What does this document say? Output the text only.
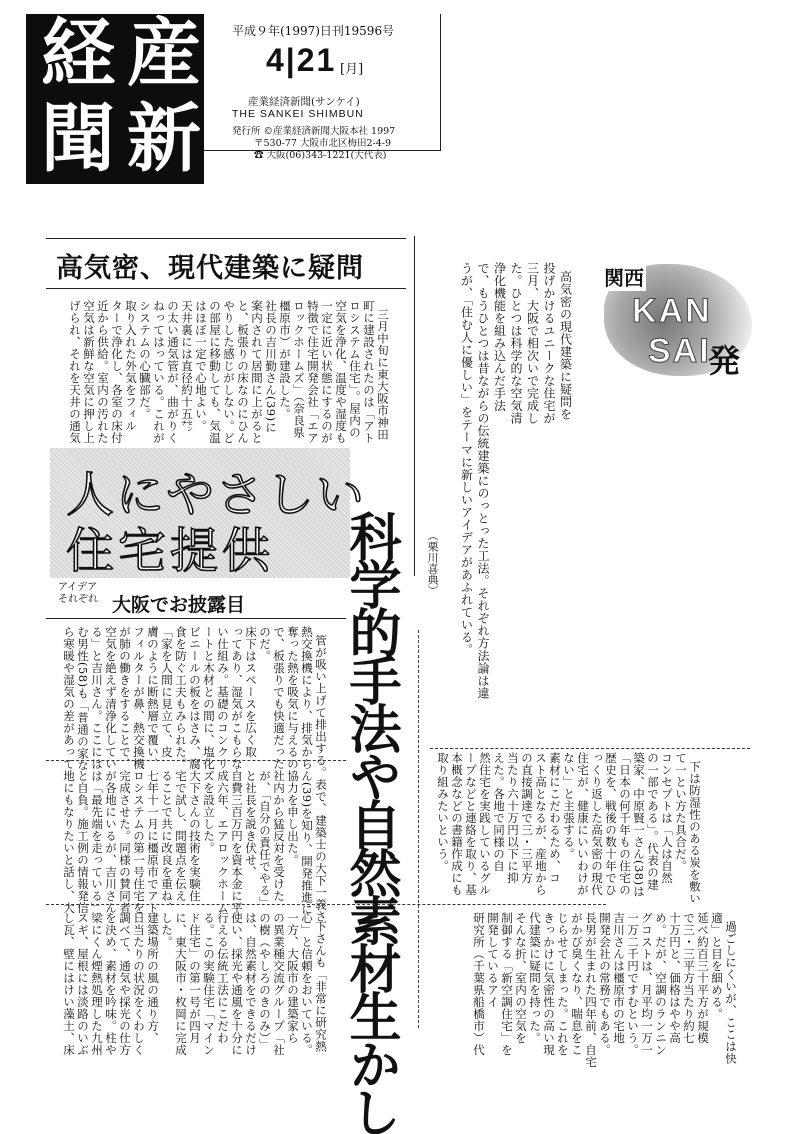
産経
新聞
平成９年(1997)日刊19596号
4|21 [月]
産業経済新聞(サンケイ)
THE SANKEI SHIMBUN
発行所 ©産業経済新聞大阪本社 1997
〒530-77 大阪市北区梅田2-4-9
☎ 大阪(06)343-1221(大代表)
高気密、現代建築に疑問

三月中旬に東大阪市神田
町に建設されたのは「アト
ロシステム住宅」。屋内の
空気を浄化、温度や湿度も
一定に近い状態にするのが
特徴で住宅開発会社「エア
ロックホームズ」（奈良県
橿原市）が建設した。
社長の吉川勤さん(39)に
案内されて居間に上がると
と、板張りの床なのにひん
やりした感じがしない。ど
の部屋に移動しても、気温
はほぼ一定で心地よい。
天井裏には直径約十五㌢
の太い通気管が、曲がりく
ねってはっている。これが
システムの心臓部だ。
取り入れた外気をフィル
ターで浄化し、各室の床付
近から供給。室内の汚れた
空気は新鮮な空気に押し上
げられ、それを天井の通気	高気密の現代建築に疑問を
投げかけるユニークな住宅が
三月、大阪で相次いで完成し
た。ひとつは科学的な空気清
浄化機能を組み込んだ手法
で、もうひとつは昔ながらの伝統建築にのっとった工法。それぞれ方法論は違
うが、「住む人に優しい」をテーマに新しいアイデアがあふれている。

（栗川喜典）
関西
KAN
SAI
発
人にやさしい
住宅提供
アイデア それぞれ 大阪でお披露目 科学的手法や自然素材生かし

管が吸い上げて排出する。
熱交換機により、排気から
奪った熱を吸気に与えるの
で、板張りでも快適だった
のだ。
床下はスペースを広く取
ってあり、湿気がこもらな
い仕組み。基礎のコンクリ
ートと木材との間に、塩化
ビニールの板をはさみ、腐
食を防ぐ工夫もみられた。
「家を人間に見立て、皮
膚のように断熱層で覆い、
フィルターが鼻、熱交換機
が肺の働きをすることで、
空気を絶えず清浄化してい
る」と吉川さん。ここには
む男性(58)も「普通の家な
ら寒暖や湿気の差があって

表で、建築士の大下一義さ
ん(39)を知り、開発推進に
協力を申し出た。
社内から猛反対を受けた
が、「自分の責任でやる」
と社長を説き伏せ、
自費三百万円を資本金に平
成六年、エアロックホーム
ズを設立した。
大下さんの技術を実験住
宅で試し、問題点を伝え
ることで共に改良を重ね、
七年十一月に橿原市でアト
ロシステムの第一号住宅を
完成させた。同様の賛同者
が各地にいるが、吉川さん
は「最先端を走っている」
と自負。施工例の情報発信
地にもなりたいと話し、大	下は防湿性のある炭を敷い
て一とい方た具合だ。
コンセプトは「人は自然
の一部である」。代表の建
築家、中原賢一さん(38)は
「日本の何千年もの住宅の
歴史を、戦後の数十年でひ
っくり返した高気密の現代
住宅が、健康にいいわけが
ない」と主張する。
素材にこだわるため、コ
スト高となるが、産地から
の直接調達で三・三平方
当たり六十万円以下に抑
えた。各地で同様の自
然住宅を実践しているグル
ープなどと連絡を取り、基
本概念などの書籍作成にも
取り組みたいという。

過ごしにくいが、ここは快
適」と目を細める。
延べ約百三十平方が規模
で三・三平方当たり約七
十万円と、価格はやや高
め。だが、空調のランニン
グコストは、月平均一万一
一万二千円ですむという。
吉川さんは橿原市の宅地
開発会社の常務でもある。
長男が生まれた四年前、自宅
がかび臭くなり、喘息をこ
じらせてしまった。これを
きっかけに気密性の高い現
代建築に疑問を持った。
そんな折、室内の空気を
制御する「新空調住宅」を
開発しているアイ
研究所（千葉県船橋市）代

下さんも「非常に研究熱
心」と信頼をおいている。
一方、大阪市の建築家ら
の異業種交流グループ「社
の樹（やしろのきのみ）」
は、自然素材をできるだけ
使い、採光や通風を十分に
行える伝統工法にこだわ
る。この実験住宅「マイン
ド住宅」の第一号が四月
に、東大阪市・枚岡に完成
した。
建築場所の風の通り方、
日当たりの状況をくわしく
調べて、通気や採光の仕方
を決め、素材を吟味。柱や
梁にくん煙熱処理した九州
スギ、屋根には淡路のいぶ
し瓦、壁にはけい藻土、床
